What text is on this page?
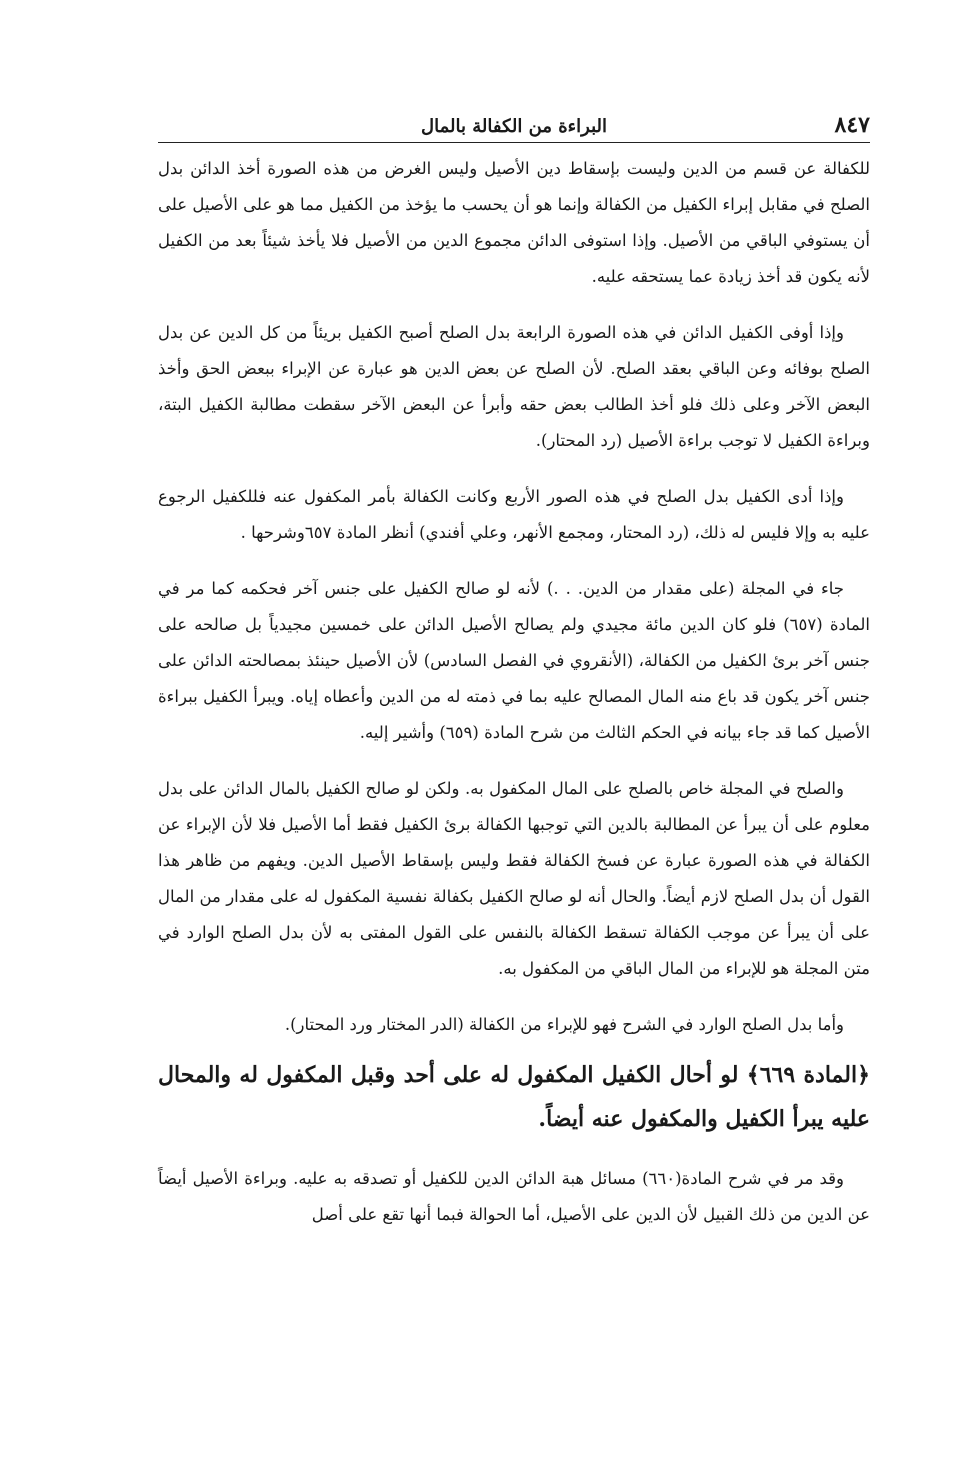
٨٤٧
البراءة من الكفالة بالمال

للكفالة عن قسم من الدين وليست بإسقاط دين الأصيل وليس الغرض من هذه الصورة أخذ الدائن بدل الصلح في مقابل إبراء الكفيل من الكفالة وإنما هو أن يحسب ما يؤخذ من الكفيل مما هو على الأصيل على أن يستوفي الباقي من الأصيل. وإذا استوفى الدائن مجموع الدين من الأصيل فلا يأخذ شيئاً بعد من الكفيل لأنه يكون قد أخذ زيادة عما يستحقه عليه.

وإذا أوفى الكفيل الدائن في هذه الصورة الرابعة بدل الصلح أصبح الكفيل بريئاً من كل الدين عن بدل الصلح بوفائه وعن الباقي بعقد الصلح. لأن الصلح عن بعض الدين هو عبارة عن الإبراء ببعض الحق وأخذ البعض الآخر وعلى ذلك فلو أخذ الطالب بعض حقه وأبرأ عن البعض الآخر سقطت مطالبة الكفيل البتة، وبراءة الكفيل لا توجب براءة الأصيل (رد المحتار).

وإذا أدى الكفيل بدل الصلح في هذه الصور الأربع وكانت الكفالة بأمر المكفول عنه فللكفيل الرجوع عليه به وإلا فليس له ذلك، (رد المحتار، ومجمع الأنهر، وعلي أفندي) أنظر المادة ٦٥٧وشرحها .

جاء في المجلة (على مقدار من الدين. . .) لأنه لو صالح الكفيل على جنس آخر فحكمه كما مر في المادة (٦٥٧) فلو كان الدين مائة مجيدي ولم يصالح الأصيل الدائن على خمسين مجيدياً بل صالحه على جنس آخر برئ الكفيل من الكفالة، (الأنقروي في الفصل السادس) لأن الأصيل حينئذ بمصالحته الدائن على جنس آخر يكون قد باع منه المال المصالح عليه بما في ذمته له من الدين وأعطاه إياه. ويبرأ الكفيل ببراءة الأصيل كما قد جاء بيانه في الحكم الثالث من شرح المادة (٦٥٩) وأشير إليه.

والصلح في المجلة خاص بالصلح على المال المكفول به. ولكن لو صالح الكفيل بالمال الدائن على بدل معلوم على أن يبرأ عن المطالبة بالدين التي توجبها الكفالة برئ الكفيل فقط أما الأصيل فلا لأن الإبراء عن الكفالة في هذه الصورة عبارة عن فسخ الكفالة فقط وليس بإسقاط الأصيل الدين. ويفهم من ظاهر هذا القول أن بدل الصلح لازم أيضاً. والحال أنه لو صالح الكفيل بكفالة نفسية المكفول له على مقدار من المال على أن يبرأ عن موجب الكفالة تسقط الكفالة بالنفس على القول المفتى به لأن بدل الصلح الوارد في متن المجلة هو للإبراء من المال الباقي من المكفول به.

وأما بدل الصلح الوارد في الشرح فهو للإبراء من الكفالة (الدر المختار ورد المحتار).

﴿المادة ٦٦٩﴾ لو أحال الكفيل المكفول له على أحد وقبل المكفول له والمحال عليه يبرأ الكفيل والمكفول عنه أيضاً.

وقد مر في شرح المادة(٦٦٠) مسائل هبة الدائن الدين للكفيل أو تصدقه به عليه. وبراءة الأصيل أيضاً عن الدين من ذلك القبيل لأن الدين على الأصيل، أما الحوالة فبما أنها تقع على أصل
